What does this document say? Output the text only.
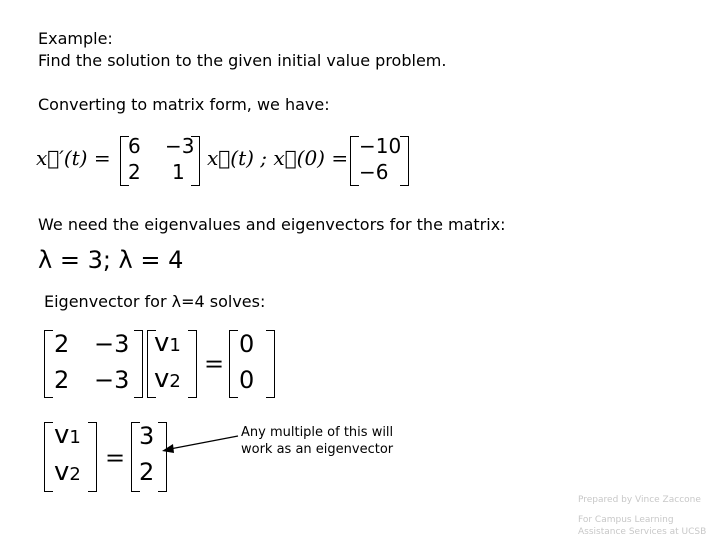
Example:
Find the solution to the given initial value problem.
Converting to matrix form, we have:
x⃗′(t) = 6 −3
2 1
x⃗(t) ; x⃗(0) = −10
−6
We need the eigenvalues and eigenvectors for the matrix:
λ = 3; λ = 4
Eigenvector for λ=4 solves:
2 −3
2 −3
v1
v2
=
0
0
v1
v2
=
3
2
Any multiple of this will
work as an eigenvector
Prepared by Vince Zaccone
For Campus Learning
Assistance Services at UCSB
